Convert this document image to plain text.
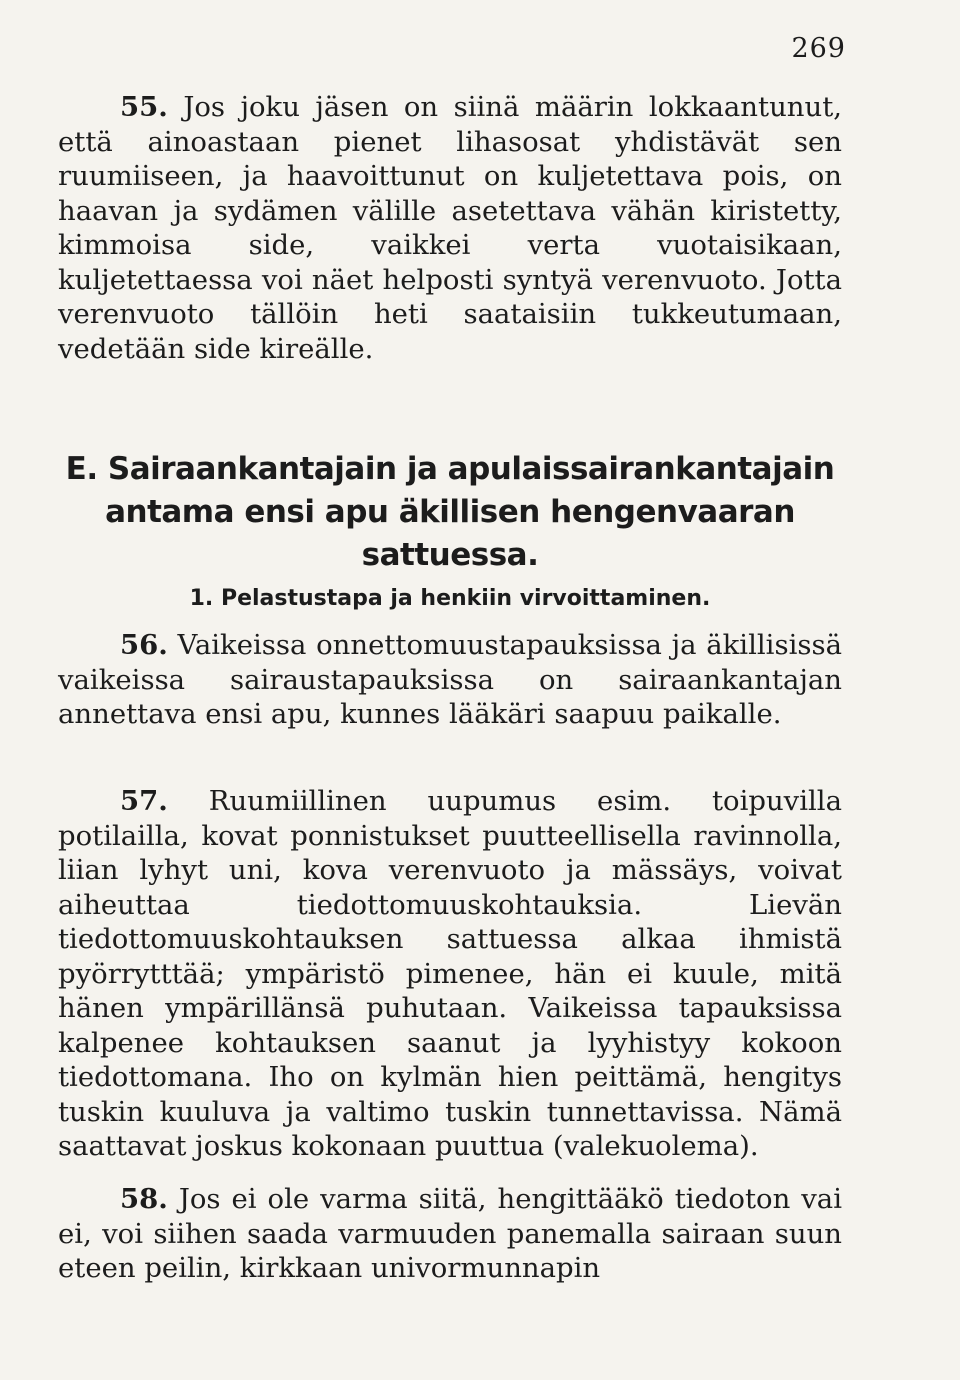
269

55. Jos joku jäsen on siinä määrin lokkaantunut, että ainoastaan pienet lihasosat yhdistävät sen ruumiiseen, ja haavoittunut on kuljetettava pois, on haavan ja sydämen välille asetettava vähän kiristetty, kimmoisa side, vaikkei verta vuotaisikaan, kuljetettaessa voi näet helposti syntyä verenvuoto. Jotta verenvuoto tällöin heti saataisiin tukkeutumaan, vedetään side kireälle.

E. Sairaankantajain ja apulaissairankantajain antama ensi apu äkillisen hengenvaaran sattuessa.
1. Pelastustapa ja henkiin virvoittaminen.

56. Vaikeissa onnettomuustapauksissa ja äkillisissä vaikeissa sairaustapauksissa on sairaankantajan annettava ensi apu, kunnes lääkäri saapuu paikalle.

57. Ruumiillinen uupumus esim. toipuvilla potilailla, kovat ponnistukset puutteellisella ravinnolla, liian lyhyt uni, kova verenvuoto ja mässäys, voivat aiheuttaa tiedottomuuskohtauksia. Lievän tiedottomuuskohtauksen sattuessa alkaa ihmistä pyörrytttää; ympäristö pimenee, hän ei kuule, mitä hänen ympärillänsä puhutaan. Vaikeissa tapauksissa kalpenee kohtauksen saanut ja lyyhistyy kokoon tiedottomana. Iho on kylmän hien peittämä, hengitys tuskin kuuluva ja valtimo tuskin tunnettavissa. Nämä saattavat joskus kokonaan puuttua (valekuolema).

58. Jos ei ole varma siitä, hengittääkö tiedoton vai ei, voi siihen saada varmuuden panemalla sairaan suun eteen peilin, kirkkaan univormunnapin
